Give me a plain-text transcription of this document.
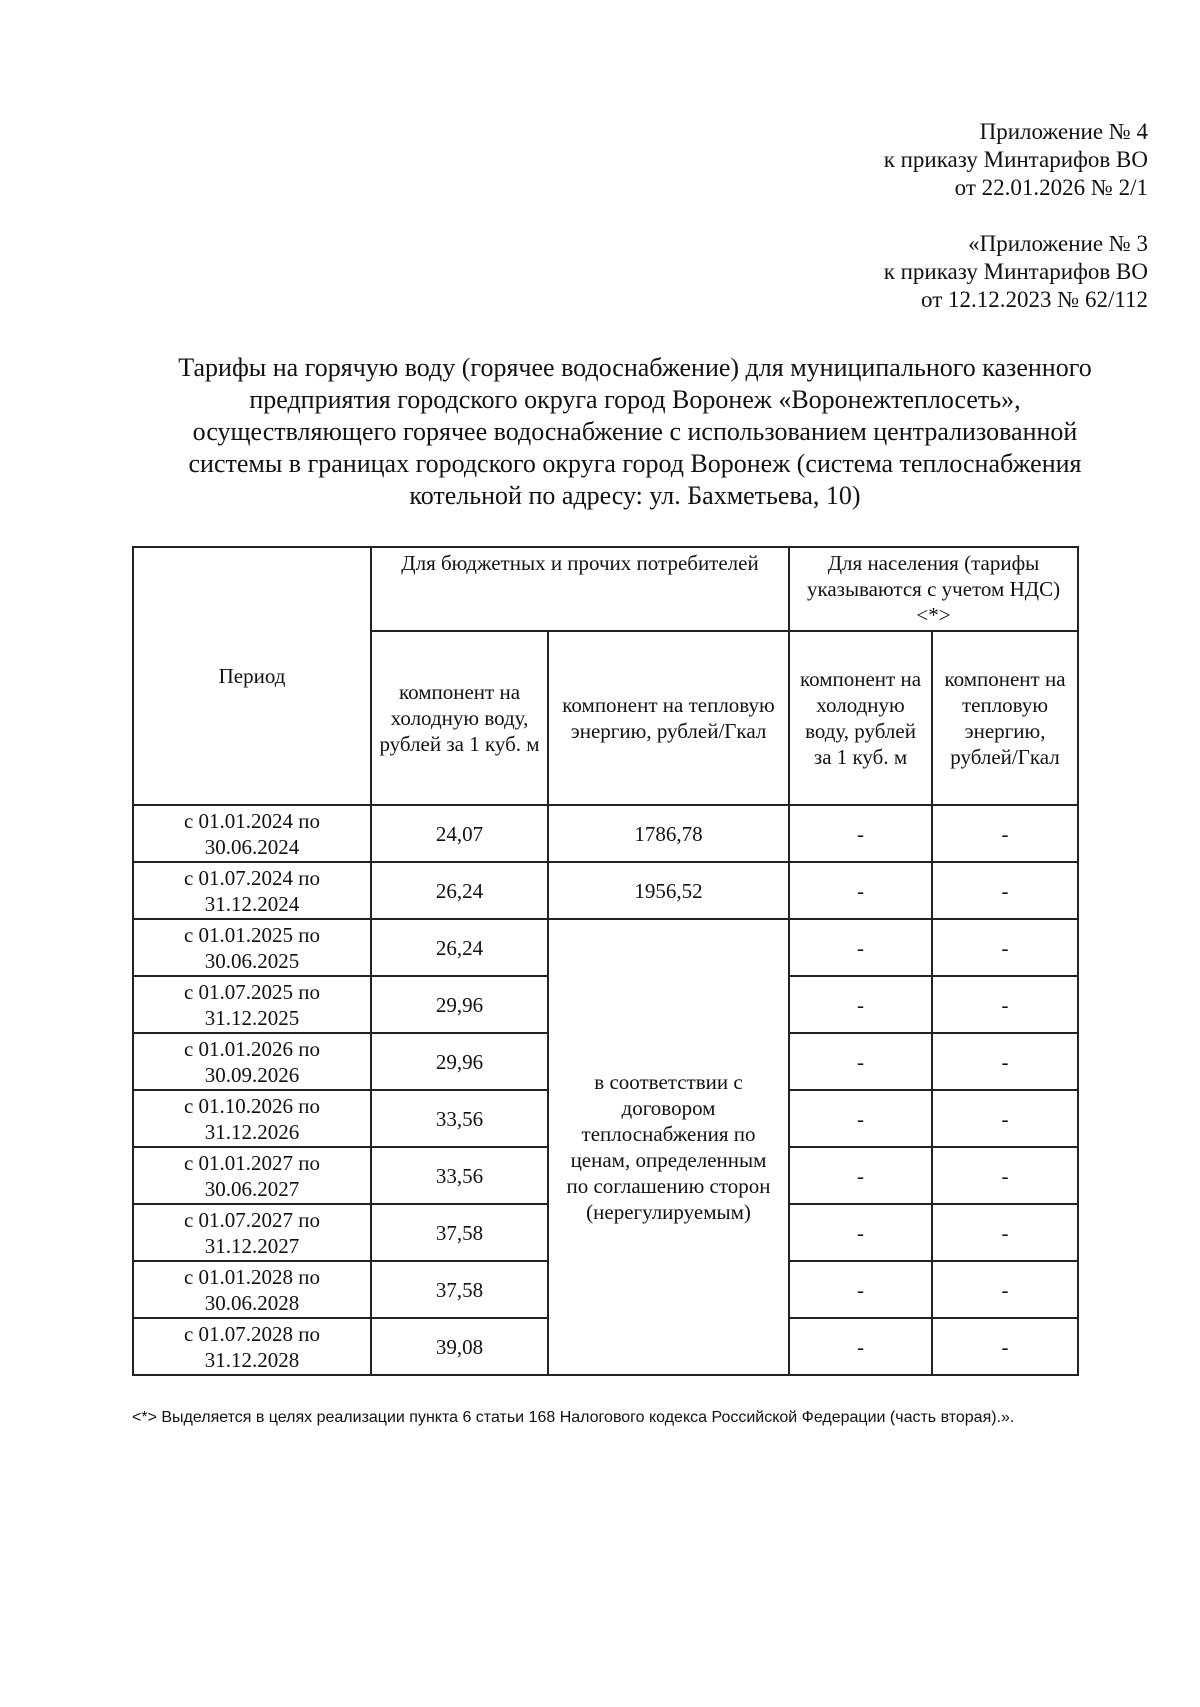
Приложение № 4

к приказу Минтарифов ВО

от 22.01.2026 № 2/1

«Приложение № 3

к приказу Минтарифов ВО

от 12.12.2023 № 62/112

Тарифы на горячую воду (горячее водоснабжение) для муниципального казенного

предприятия городского округа город Воронеж «Воронежтеплосеть»,

осуществляющего горячее водоснабжение с использованием централизованной

системы в границах городского округа город Воронеж (система теплоснабжения

котельной по адресу: ул. Бахметьева, 10)

Период	Для бюджетных и прочих потребителей		Для населения (тарифы указываются с учетом НДС) <*>	
	компонент на холодную воду, рублей за 1 куб. м	компонент на тепловую энергию, рублей/Гкал	компонент на холодную воду, рублей за 1 куб. м	компонент на тепловую энергию, рублей/Гкал
с 01.01.2024 по 30.06.2024	24,07	1786,78	-	-
с 01.07.2024 по 31.12.2024	26,24	1956,52	-	-
с 01.01.2025 по 30.06.2025	26,24	в соответствии с договором теплоснабжения по ценам, определенным по соглашению сторон (нерегулируемым)	-	-
с 01.07.2025 по 31.12.2025	29,96		-	-
с 01.01.2026 по 30.09.2026	29,96		-	-
с 01.10.2026 по 31.12.2026	33,56		-	-
с 01.01.2027 по 30.06.2027	33,56		-	-
с 01.07.2027 по 31.12.2027	37,58		-	-
с 01.01.2028 по 30.06.2028	37,58		-	-
с 01.07.2028 по 31.12.2028	39,08		-	-
<*> Выделяется в целях реализации пункта 6 статьи 168 Налогового кодекса Российской Федерации (часть вторая).».
